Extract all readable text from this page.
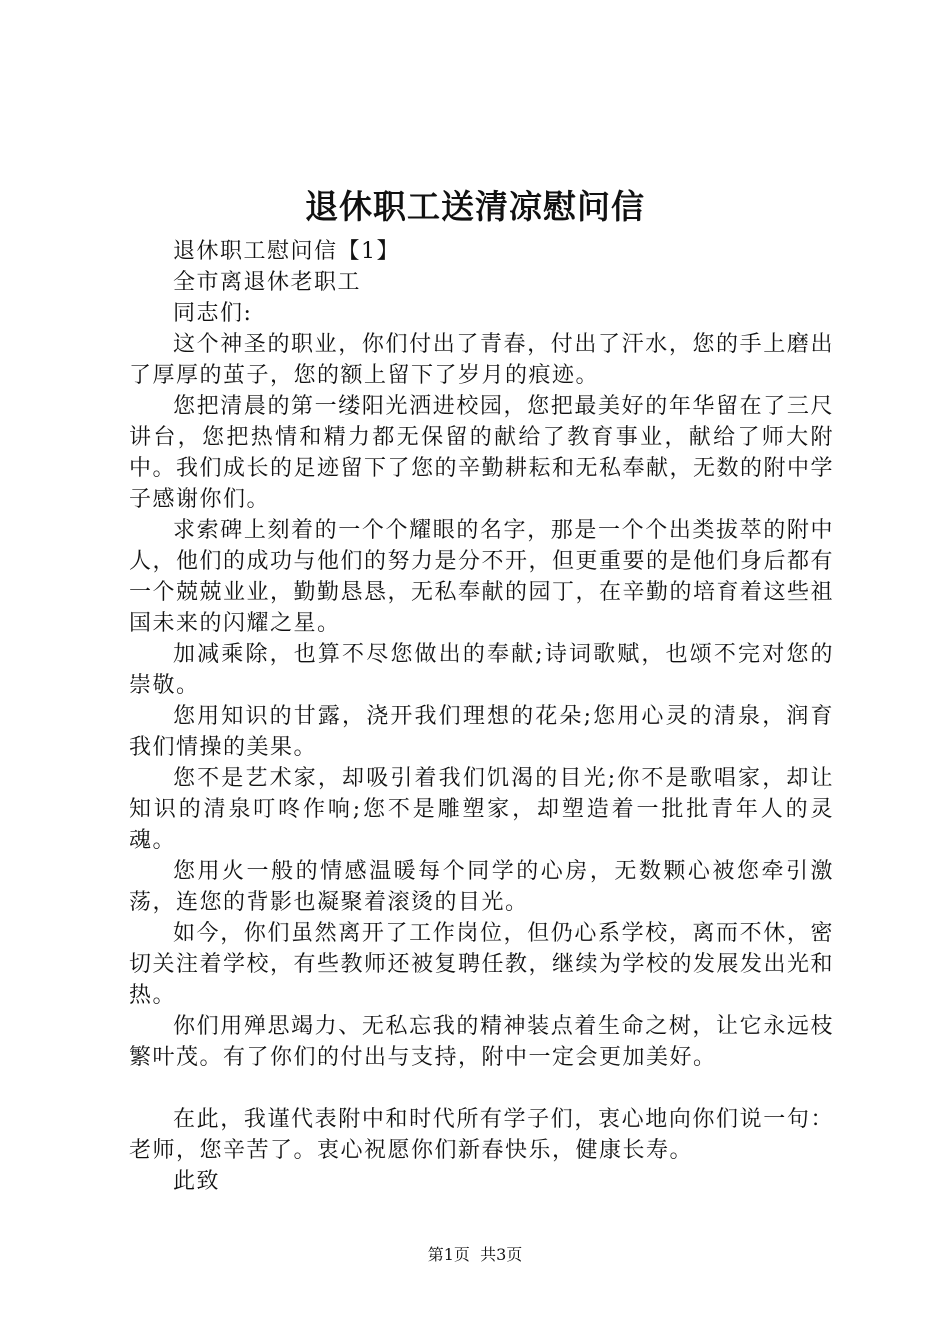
退休职工送清凉慰问信

退休职工慰问信【1】

全市离退休老职工

同志们:

这个神圣的职业，你们付出了青春，付出了汗水，您的手上磨出了厚厚的茧子，您的额上留下了岁月的痕迹。

您把清晨的第一缕阳光洒进校园，您把最美好的年华留在了三尺讲台，您把热情和精力都无保留的献给了教育事业，献给了师大附中。我们成长的足迹留下了您的辛勤耕耘和无私奉献，无数的附中学子感谢你们。

求索碑上刻着的一个个耀眼的名字，那是一个个出类拔萃的附中人，他们的成功与他们的努力是分不开，但更重要的是他们身后都有一个兢兢业业，勤勤恳恳，无私奉献的园丁，在辛勤的培育着这些祖国未来的闪耀之星。

加减乘除，也算不尽您做出的奉献;诗词歌赋，也颂不完对您的崇敬。

您用知识的甘露，浇开我们理想的花朵;您用心灵的清泉，润育我们情操的美果。

您不是艺术家，却吸引着我们饥渴的目光;你不是歌唱家，却让知识的清泉叮咚作响;您不是雕塑家，却塑造着一批批青年人的灵魂。

您用火一般的情感温暖每个同学的心房，无数颗心被您牵引激荡，连您的背影也凝聚着滚烫的目光。

如今，你们虽然离开了工作岗位，但仍心系学校，离而不休，密切关注着学校，有些教师还被复聘任教，继续为学校的发展发出光和热。

你们用殚思竭力、无私忘我的精神装点着生命之树，让它永远枝繁叶茂。有了你们的付出与支持，附中一定会更加美好。

在此，我谨代表附中和时代所有学子们，衷心地向你们说一句：老师，您辛苦了。衷心祝愿你们新春快乐，健康长寿。

此致

第1页  共3页
